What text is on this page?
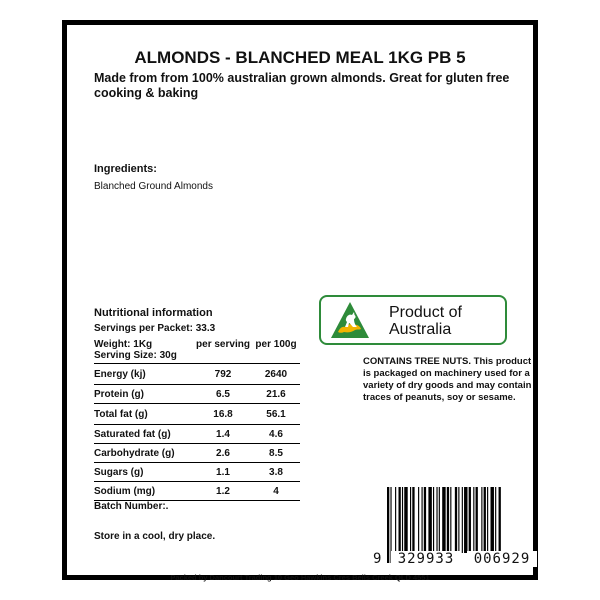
ALMONDS - BLANCHED MEAL 1KG PB 5
Made from from 100% australian grown almonds. Great for gluten free cooking & baking
Ingredients:
Blanched Ground Almonds
Nutritional information
Servings per Packet: 33.3
Weight: 1Kg
Serving Size: 30g
per serving per 100g
Energy (kj)	792	2640
Protein (g)	6.5	21.6
Total fat (g)	16.8	56.1
Saturated fat (g)	1.4	4.6
Carbohydrate (g)	2.6	8.5
Sugars (g)	1.1	3.8
Sodium (mg)	1.2	4
Batch Number:.
Store in a cool, dry place.
Product of
Australia
CONTAINS TREE NUTS. This product is packaged on machinery used for a variety of dry goods and may contain traces of peanuts, soy or sesame.
9	329933	006929
Packed by Dancourt Trading 10 Geo Hawkins Cres Bells Creek QLD 4551
